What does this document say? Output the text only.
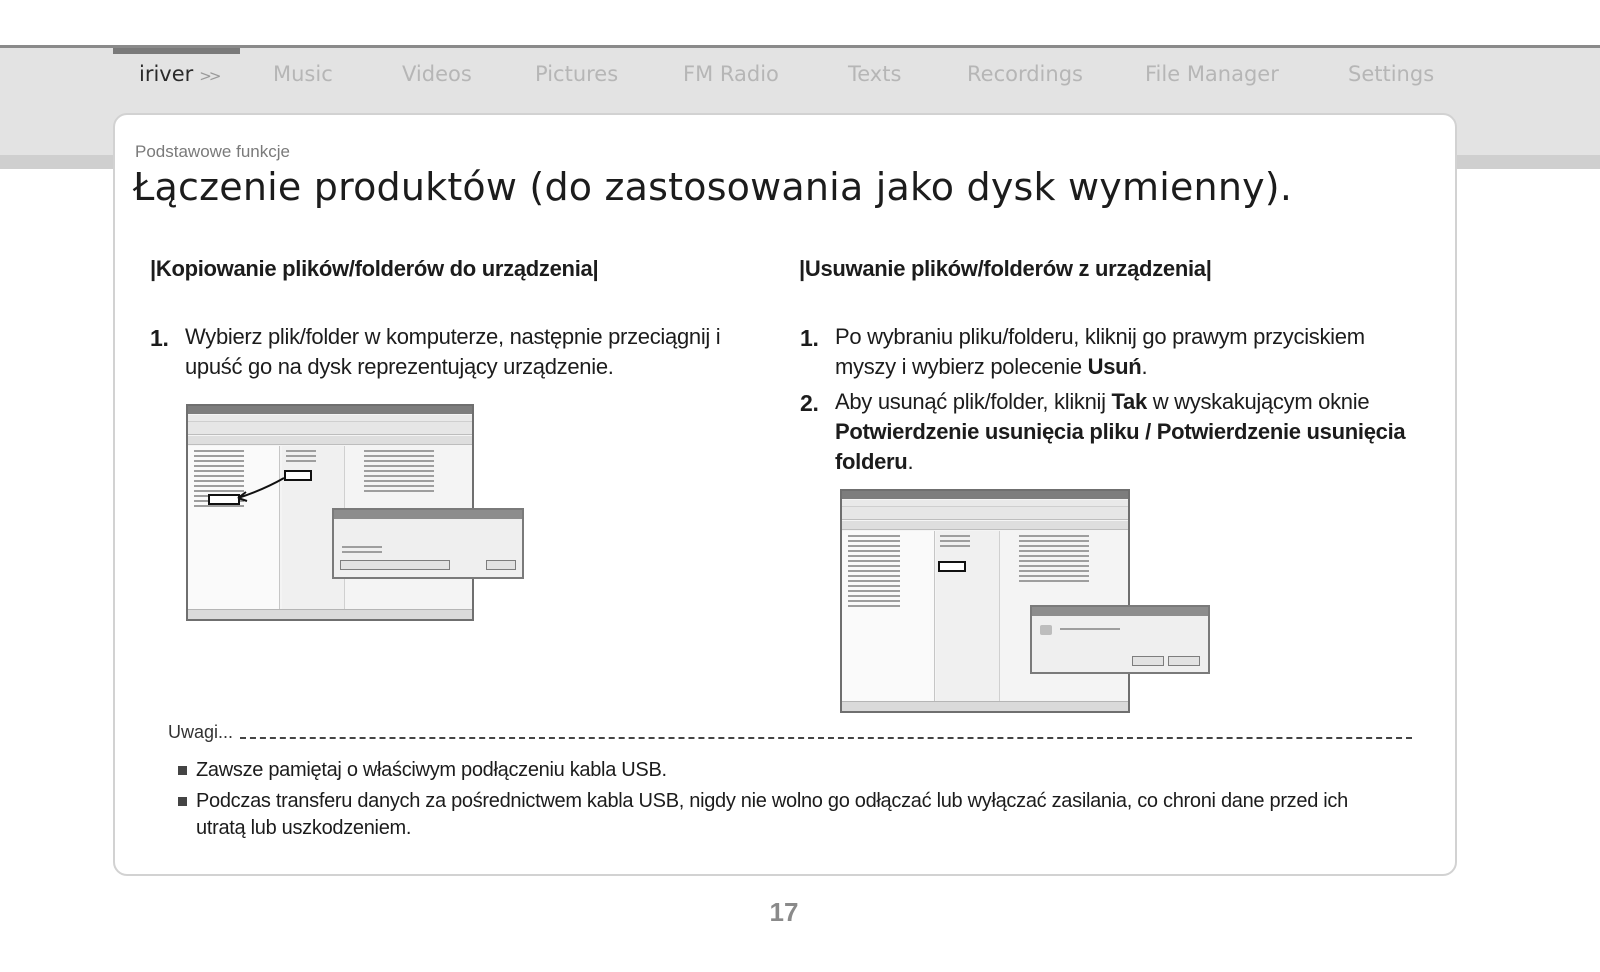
iriver >>	Music	Videos	Pictures	FM Radio	Texts	Recordings	File Manager	Settings
Podstawowe funkcje
Łączenie produktów (do zastosowania jako dysk wymienny).
|Kopiowanie plików/folderów do urządzenia|
1. Wybierz plik/folder w komputerze, następnie przeciągnij i upuść go na dysk reprezentujący urządzenie.
|Usuwanie plików/folderów z urządzenia|
1. Po wybraniu pliku/folderu, kliknij go prawym przyciskiem myszy i wybierz polecenie Usuń.
2. Aby usunąć plik/folder, kliknij Tak w wyskakującym oknie Potwierdzenie usunięcia pliku / Potwierdzenie usunięcia folderu.
Uwagi...
Zawsze pamiętaj o właściwym podłączeniu kabla USB.
Podczas transferu danych za pośrednictwem kabla USB, nigdy nie wolno go odłączać lub wyłączać zasilania, co chroni dane przed ich utratą lub uszkodzeniem.
17
